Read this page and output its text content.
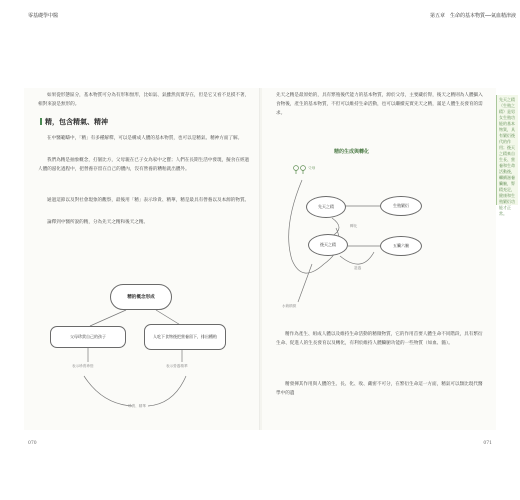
零基礎學中醫

如果從形態區分，基本物質可分為有形和無形，比如氣、氣雖然真實存在，但是它又看不見摸不著，相對來說是無形的。

精，包含精氣、精神

在中醫範疇中，「精」有多種解釋，可以是構成人體的基本物質，也可以是精氣、精神方面了解。

我們為精是抽象概念，打個比方，父母親在已子女為家中之寶；人們在長期生活中發現，擬食在經過人體的滋化過程中，把營養存留在自己的體內，沒有營養的糟粕就出體外。

通過這節以及對社會現象的觀察，最後用「精」表示珍貴、精華，精是最具有營養以及本源的物質。

論釋到中醫所說的精，分為先天之精和後天之精。

精的概念形成
父母珍貴自己的孩子	人吃下食物後把營養留下，排出糟粕
表示珍貴珍惜	表示營養精華
珍貴、精華
070
第五章　生命的基本物質──氣血精津液

先天之精是最原始的，具有繁殖後代能力的基本物質，源於父母，主要藏於腎，後天之精則為人體攝入食物後，產生的基本物質，不但可以維持生命活動，也可以繼續充實先天之精，滿足人體生長發育的需求。

精的生成與轉化
父母
先天之精
後天之精
生殖繁衍
五臟六腑
轉化
滋養
水穀精微

精作為產生、組成人體以及維持生命活動的精微物質，它的作用首要人體生命不同階段，具有繁衍生命、促進人的生長發育以及轉化，有利於維持人體臟腑功能的一些物質（如血、髓）。

精發揮其作用與人體的生、長、化、收、藏密不可分，在繁衍生命這一方面，精氣可以類比現代醫學中的遺

071
先天之精（生殖之精）是男女生殖功能的基本物質，具有繁衍後代的作用；後天之精來自生長、營養和生命活動後，繼續滋養臟腑，腎精充足，健康和生殖繁衍功能才正常。
